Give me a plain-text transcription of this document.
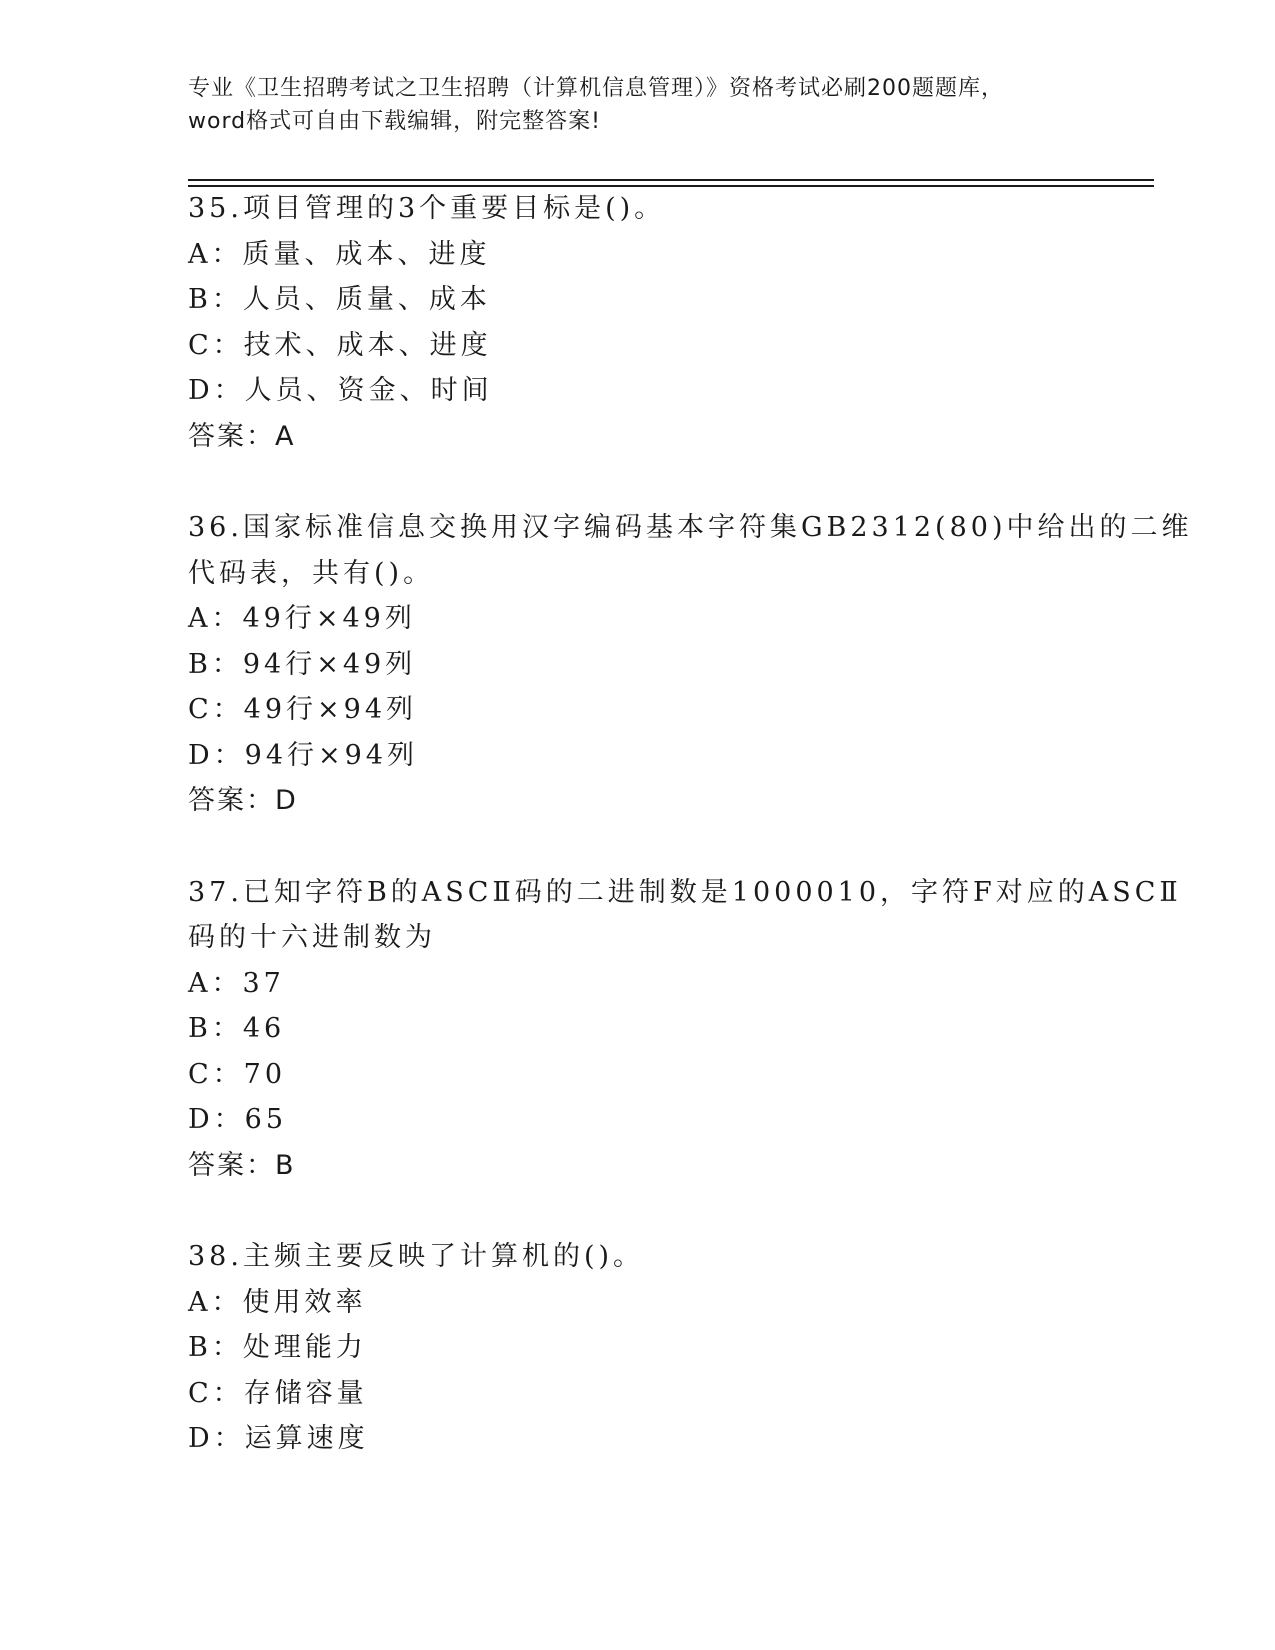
专业《卫生招聘考试之卫生招聘（计算机信息管理）》资格考试必刷200题题库，
word格式可自由下载编辑，附完整答案!
35.项目管理的3个重要目标是()。
A：质量、成本、进度
B：人员、质量、成本
C：技术、成本、进度
D：人员、资金、时间
答案：A
36.国家标准信息交换用汉字编码基本字符集GB2312(80)中给出的二维
代码表，共有()。
A：49行×49列
B：94行×49列
C：49行×94列
D：94行×94列
答案：D
37.已知字符B的ASCⅡ码的二进制数是1000010，字符F对应的ASCⅡ
码的十六进制数为
A：37
B：46
C：70
D：65
答案：B
38.主频主要反映了计算机的()。
A：使用效率
B：处理能力
C：存储容量
D：运算速度
